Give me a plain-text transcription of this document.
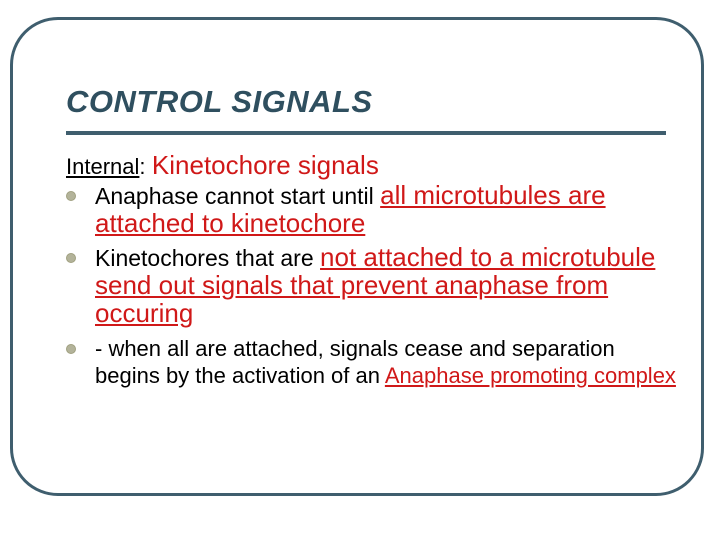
CONTROL SIGNALS
Internal: Kinetochore signals
Anaphase cannot start until all microtubules are attached to kinetochore
Kinetochores that are not attached to a microtubule send out signals that prevent anaphase from occuring
- when all are attached, signals cease and separation begins by the activation of an Anaphase promoting complex
